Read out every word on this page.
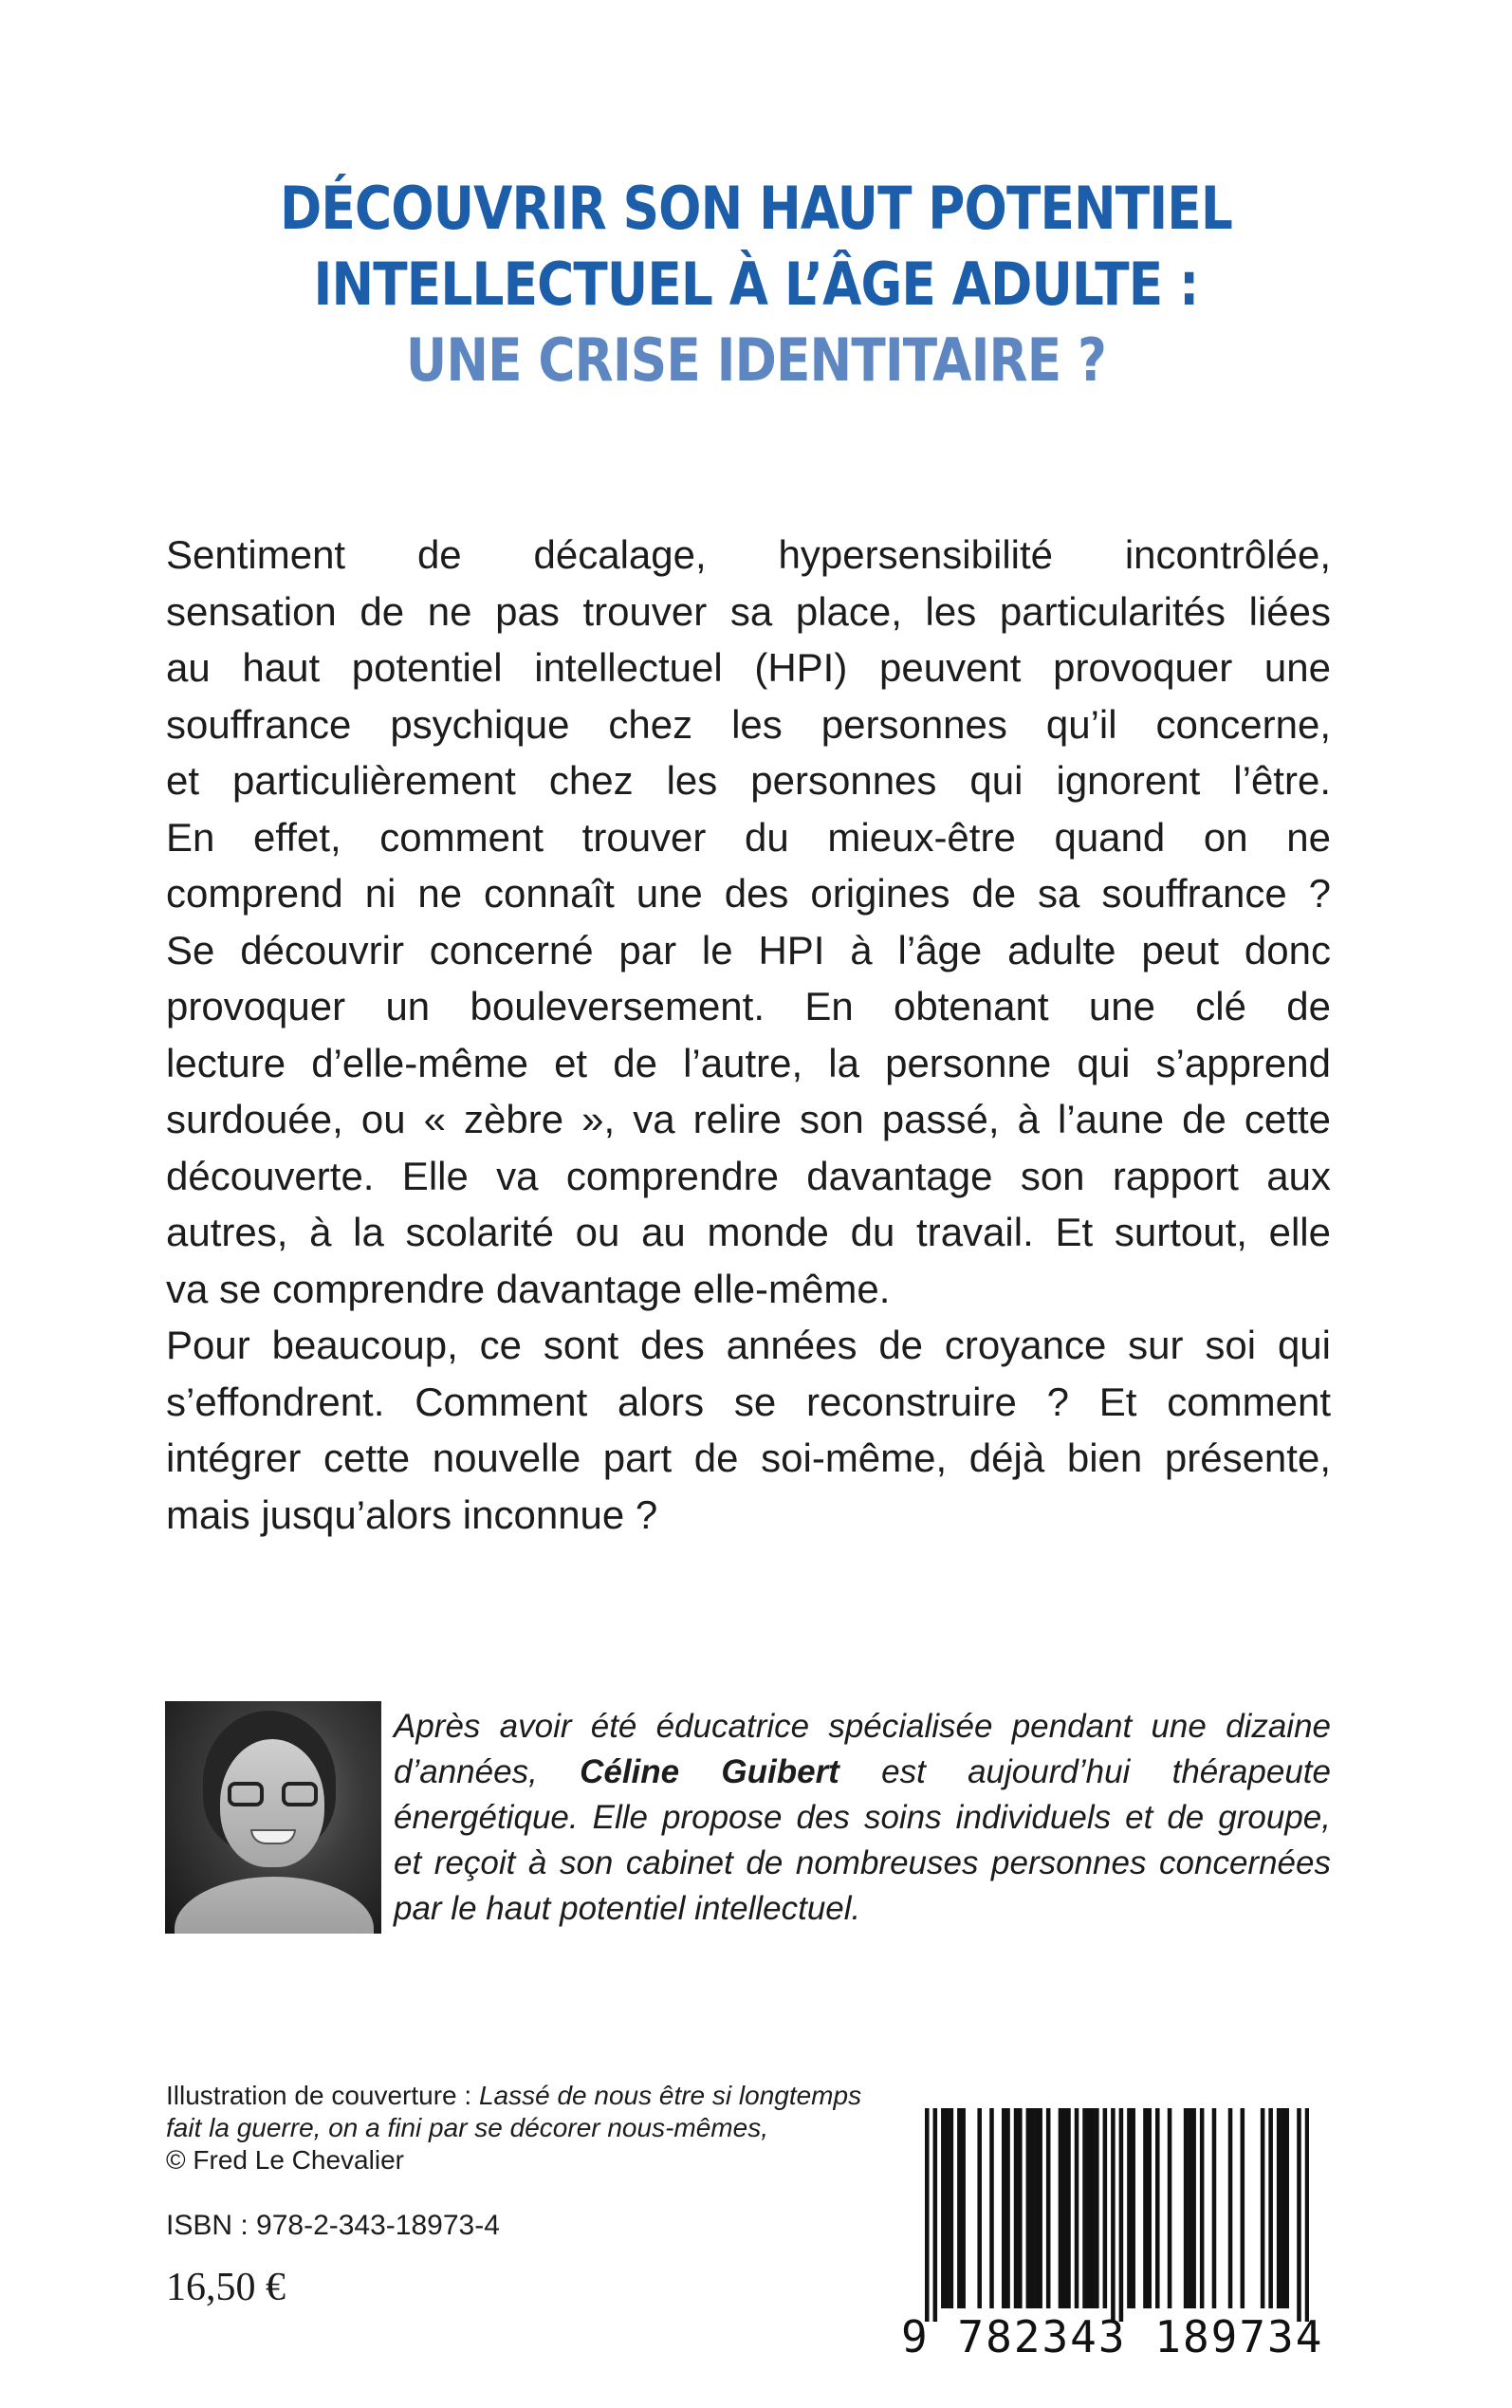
DÉCOUVRIR SON HAUT POTENTIEL
INTELLECTUEL À L’ÂGE ADULTE :
UNE CRISE IDENTITAIRE ?
Sentiment de décalage, hypersensibilité incontrôlée,
sensation de ne pas trouver sa place, les particularités liées
au haut potentiel intellectuel (HPI) peuvent provoquer une
souffrance psychique chez les personnes qu’il concerne,
et particulièrement chez les personnes qui ignorent l’être.
En effet, comment trouver du mieux-être quand on ne
comprend ni ne connaît une des origines de sa souffrance ?
Se découvrir concerné par le HPI à l’âge adulte peut donc
provoquer un bouleversement. En obtenant une clé de
lecture d’elle-même et de l’autre, la personne qui s’apprend
surdouée, ou « zèbre », va relire son passé, à l’aune de cette
découverte. Elle va comprendre davantage son rapport aux
autres, à la scolarité ou au monde du travail. Et surtout, elle
va se comprendre davantage elle-même.
Pour beaucoup, ce sont des années de croyance sur soi qui
s’effondrent. Comment alors se reconstruire ? Et comment
intégrer cette nouvelle part de soi-même, déjà bien présente,
mais jusqu’alors inconnue ?
Après avoir été éducatrice spécialisée pendant une dizaine
d’années, Céline Guibert est aujourd’hui thérapeute
énergétique. Elle propose des soins individuels et de groupe,
et reçoit à son cabinet de nombreuses personnes concernées
par le haut potentiel intellectuel.
Illustration de couverture : Lassé de nous être si longtemps
fait la guerre, on a fini par se décorer nous-mêmes,
© Fred Le Chevalier
ISBN : 978-2-343-18973-4
16,50 €
9 782343 189734
